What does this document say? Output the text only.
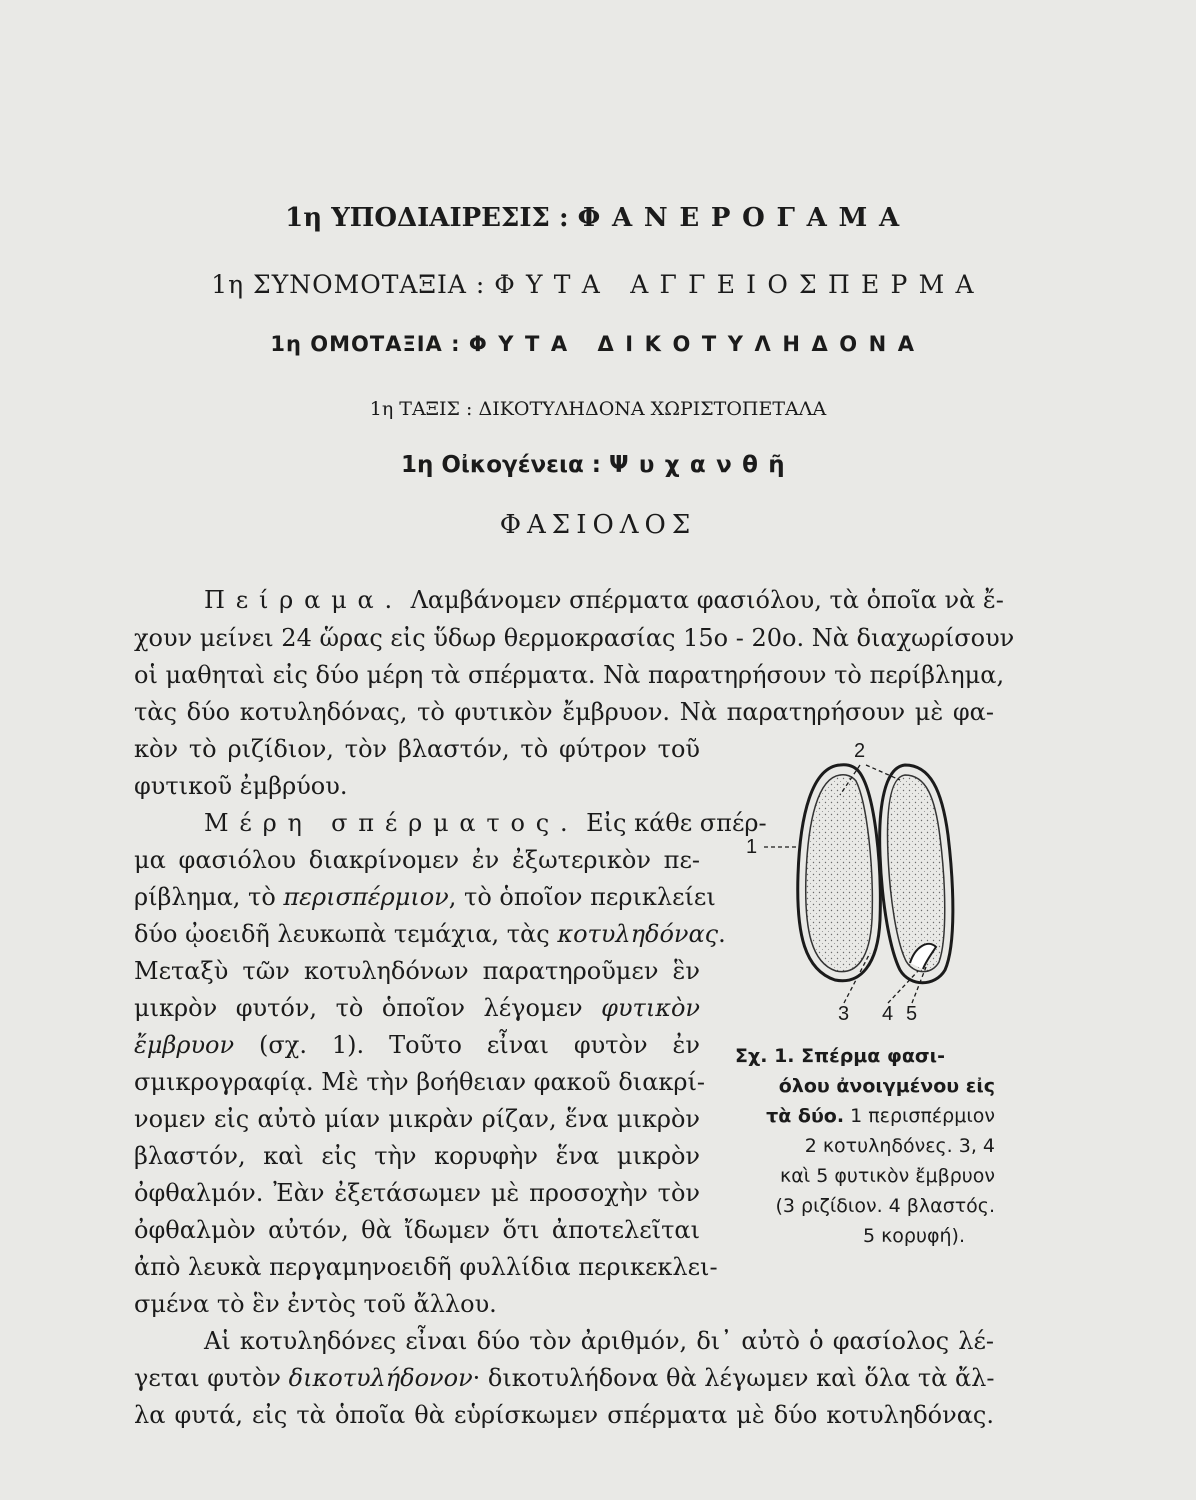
1η ΥΠΟΔΙΑΙΡΕΣΙΣ : ΦΑΝΕΡΟΓΑΜΑ
1η ΣΥΝΟΜΟΤΑΞΙΑ : ΦΥΤΑ ΑΓΓΕΙΟΣΠΕΡΜΑ
1η ΟΜΟΤΑΞΙΑ : ΦΥΤΑ ΔΙΚΟΤΥΛΗΔΟΝΑ
1η ΤΑΞΙΣ : ΔΙΚΟΤΥΛΗΔΟΝΑ ΧΩΡΙΣΤΟΠΕΤΑΛΑ
1η Οἰκογένεια : Ψυχανθῆ
ΦΑΣΙΟΛΟΣ
Πείραμα. Λαμβάνομεν σπέρματα φασιόλου, τὰ ὁποῖα νὰ ἔ-
χουν μείνει 24 ὥρας εἰς ὕδωρ θερμοκρασίας 15ο - 20ο. Νὰ διαχωρίσουν
οἱ μαθηταὶ εἰς δύο μέρη τὰ σπέρματα. Νὰ παρατηρήσουν τὸ περίβλημα,
τὰς δύο κοτυληδόνας, τὸ φυτικὸν ἔμβρυον. Νὰ παρατηρήσουν μὲ φα-
κὸν τὸ ριζίδιον, τὸν βλαστόν, τὸ φύτρον τοῦ
φυτικοῦ ἐμβρύου.
Μέρη σπέρματος. Εἰς κάθε σπέρ-
μα φασιόλου διακρίνομεν ἐν ἐξωτερικὸν πε-
ρίβλημα, τὸ περισπέρμιον, τὸ ὁποῖον περικλείει
δύο ᾠοειδῆ λευκωπὰ τεμάχια, τὰς κοτυληδόνας.
Μεταξὺ τῶν κοτυληδόνων παρατηροῦμεν ἓν
μικρὸν φυτόν, τὸ ὁποῖον λέγομεν φυτικὸν
ἔμβρυον (σχ. 1). Τοῦτο εἶναι φυτὸν ἐν
σμικρογραφίᾳ. Μὲ τὴν βοήθειαν φακοῦ διακρί-
νομεν εἰς αὐτὸ μίαν μικρὰν ρίζαν, ἕνα μικρὸν
βλαστόν, καὶ εἰς τὴν κορυφὴν ἕνα μικρὸν
ὀφθαλμόν. Ἐὰν ἐξετάσωμεν μὲ προσοχὴν τὸν
ὀφθαλμὸν αὐτόν, θὰ ἴδωμεν ὅτι ἀποτελεῖται
ἀπὸ λευκὰ περγαμηνοειδῆ φυλλίδια περικεκλει-
σμένα τὸ ἓν ἐντὸς τοῦ ἄλλου.
Αἱ κοτυληδόνες εἶναι δύο τὸν ἀριθμόν, δι᾽ αὐτὸ ὁ φασίολος λέ-
γεται φυτὸν δικοτυλήδονον· δικοτυλήδονα θὰ λέγωμεν καὶ ὅλα τὰ ἄλ-
λα φυτά, εἰς τὰ ὁποῖα θὰ εὑρίσκωμεν σπέρματα μὲ δύο κοτυληδόνας.
1
2
3 4 5
Σχ. 1. Σπέρμα φασι-
όλου ἀνοιγμένου εἰς
τὰ δύο. 1 περισπέρμιον
2 κοτυληδόνες. 3, 4
καὶ 5 φυτικὸν ἔμβρυον
(3 ριζίδιον. 4 βλαστός.
5 κορυφή).
